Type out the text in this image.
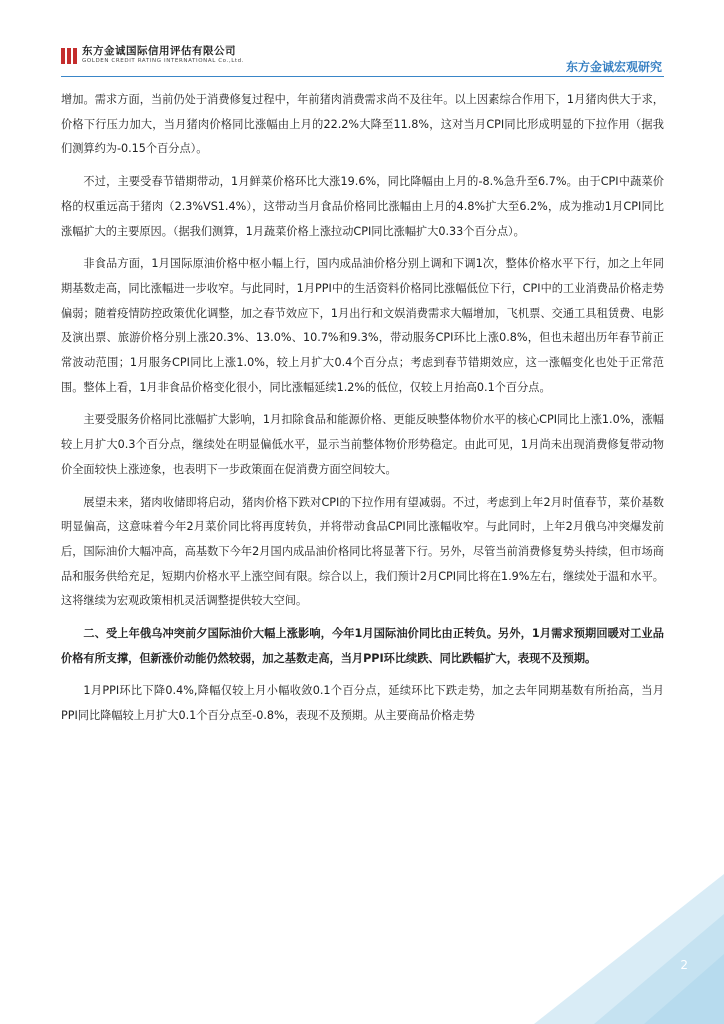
东方金诚国际信用评估有限公司
GOLDEN CREDIT RATING INTERNATIONAL Co.,Ltd.	东方金诚宏观研究

增加。需求方面，当前仍处于消费修复过程中，年前猪肉消费需求尚不及往年。以上因素综合作用下，1月猪肉供大于求，价格下行压力加大，当月猪肉价格同比涨幅由上月的22.2%大降至11.8%，这对当月CPI同比形成明显的下拉作用（据我们测算约为-0.15个百分点）。

不过，主要受春节错期带动，1月鲜菜价格环比大涨19.6%，同比降幅由上月的-8.%急升至6.7%。由于CPI中蔬菜价格的权重远高于猪肉（2.3%VS1.4%），这带动当月食品价格同比涨幅由上月的4.8%扩大至6.2%，成为推动1月CPI同比涨幅扩大的主要原因。（据我们测算，1月蔬菜价格上涨拉动CPI同比涨幅扩大0.33个百分点）。

非食品方面，1月国际原油价格中枢小幅上行，国内成品油价格分别上调和下调1次，整体价格水平下行，加之上年同期基数走高，同比涨幅进一步收窄。与此同时，1月PPI中的生活资料价格同比涨幅低位下行，CPI中的工业消费品价格走势偏弱；随着疫情防控政策优化调整，加之春节效应下，1月出行和文娱消费需求大幅增加，飞机票、交通工具租赁费、电影及演出票、旅游价格分别上涨20.3%、13.0%、10.7%和9.3%，带动服务CPI环比上涨0.8%，但也未超出历年春节前正常波动范围；1月服务CPI同比上涨1.0%，较上月扩大0.4个百分点；考虑到春节错期效应，这一涨幅变化也处于正常范围。整体上看，1月非食品价格变化很小，同比涨幅延续1.2%的低位，仅较上月抬高0.1个百分点。

主要受服务价格同比涨幅扩大影响，1月扣除食品和能源价格、更能反映整体物价水平的核心CPI同比上涨1.0%，涨幅较上月扩大0.3个百分点，继续处在明显偏低水平，显示当前整体物价形势稳定。由此可见，1月尚未出现消费修复带动物价全面较快上涨迹象，也表明下一步政策面在促消费方面空间较大。

展望未来，猪肉收储即将启动，猪肉价格下跌对CPI的下拉作用有望减弱。不过，考虑到上年2月时值春节，菜价基数明显偏高，这意味着今年2月菜价同比将再度转负，并将带动食品CPI同比涨幅收窄。与此同时，上年2月俄乌冲突爆发前后，国际油价大幅冲高，高基数下今年2月国内成品油价格同比将显著下行。另外，尽管当前消费修复势头持续，但市场商品和服务供给充足，短期内价格水平上涨空间有限。综合以上，我们预计2月CPI同比将在1.9%左右，继续处于温和水平。这将继续为宏观政策相机灵活调整提供较大空间。

二、受上年俄乌冲突前夕国际油价大幅上涨影响，今年1月国际油价同比由正转负。另外，1月需求预期回暖对工业品价格有所支撑，但新涨价动能仍然较弱，加之基数走高，当月PPI环比续跌、同比跌幅扩大，表现不及预期。

1月PPI环比下降0.4%,降幅仅较上月小幅收敛0.1个百分点，延续环比下跌走势，加之去年同期基数有所抬高，当月PPI同比降幅较上月扩大0.1个百分点至-0.8%，表现不及预期。从主要商品价格走势

2
